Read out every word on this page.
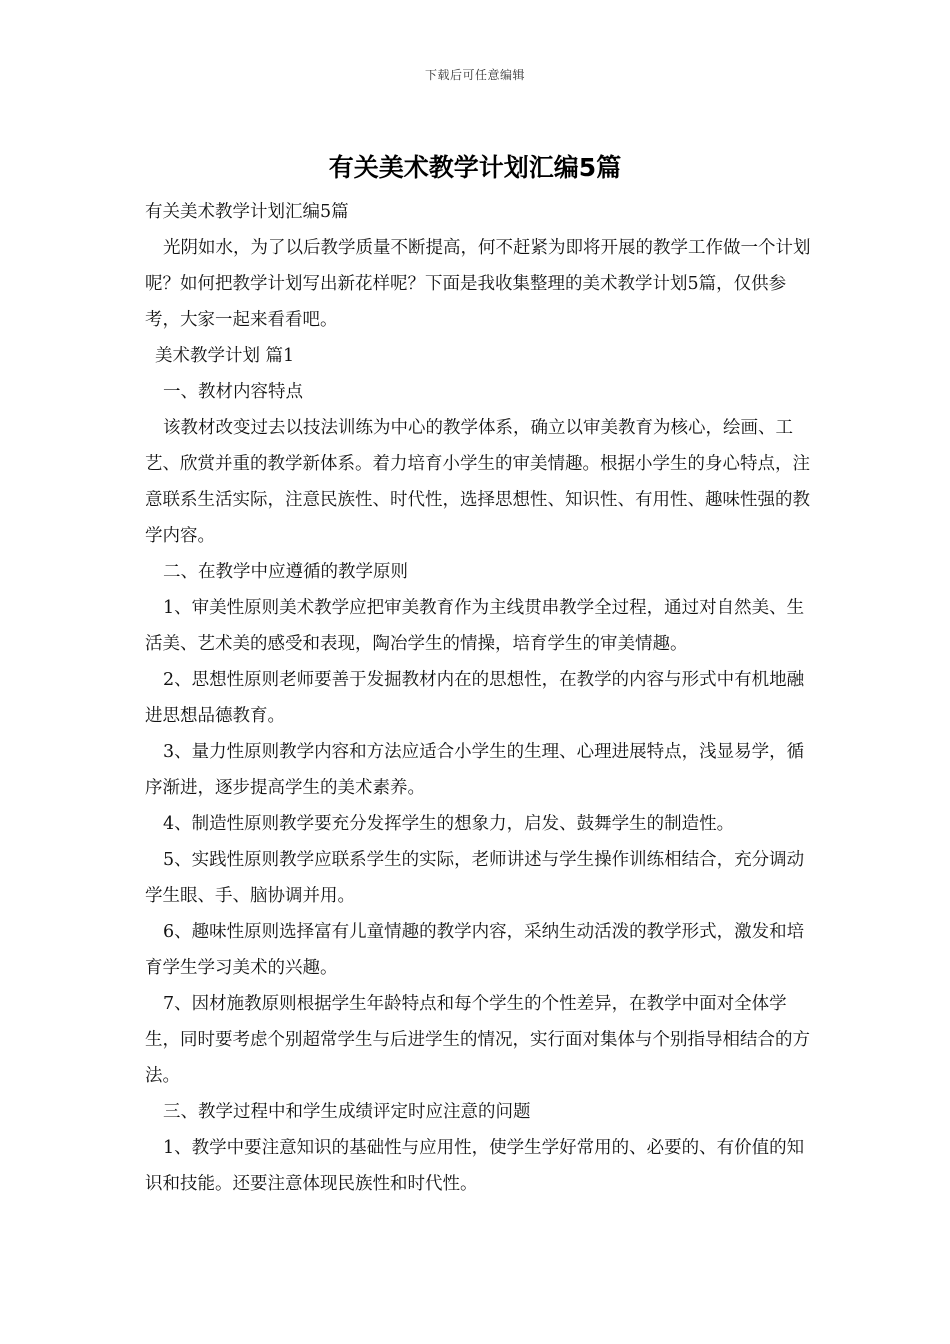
下载后可任意编辑
有关美术教学计划汇编5篇

有关美术教学计划汇编5篇

光阴如水，为了以后教学质量不断提高，何不赶紧为即将开展的教学工作做一个计划呢？如何把教学计划写出新花样呢？下面是我收集整理的美术教学计划5篇，仅供参考，大家一起来看看吧。

美术教学计划 篇1

一、教材内容特点

该教材改变过去以技法训练为中心的教学体系，确立以审美教育为核心，绘画、工艺、欣赏并重的教学新体系。着力培育小学生的审美情趣。根据小学生的身心特点，注意联系生活实际，注意民族性、时代性，选择思想性、知识性、有用性、趣味性强的教学内容。

二、在教学中应遵循的教学原则

1、审美性原则美术教学应把审美教育作为主线贯串教学全过程，通过对自然美、生活美、艺术美的感受和表现，陶冶学生的情操，培育学生的审美情趣。

2、思想性原则老师要善于发掘教材内在的思想性，在教学的内容与形式中有机地融进思想品德教育。

3、量力性原则教学内容和方法应适合小学生的生理、心理进展特点，浅显易学，循序渐进，逐步提高学生的美术素养。

4、制造性原则教学要充分发挥学生的想象力，启发、鼓舞学生的制造性。

5、实践性原则教学应联系学生的实际，老师讲述与学生操作训练相结合，充分调动学生眼、手、脑协调并用。

6、趣味性原则选择富有儿童情趣的教学内容，采纳生动活泼的教学形式，激发和培育学生学习美术的兴趣。

7、因材施教原则根据学生年龄特点和每个学生的个性差异，在教学中面对全体学生，同时要考虑个别超常学生与后进学生的情况，实行面对集体与个别指导相结合的方法。

三、教学过程中和学生成绩评定时应注意的问题

1、教学中要注意知识的基础性与应用性，使学生学好常用的、必要的、有价值的知识和技能。还要注意体现民族性和时代性。
